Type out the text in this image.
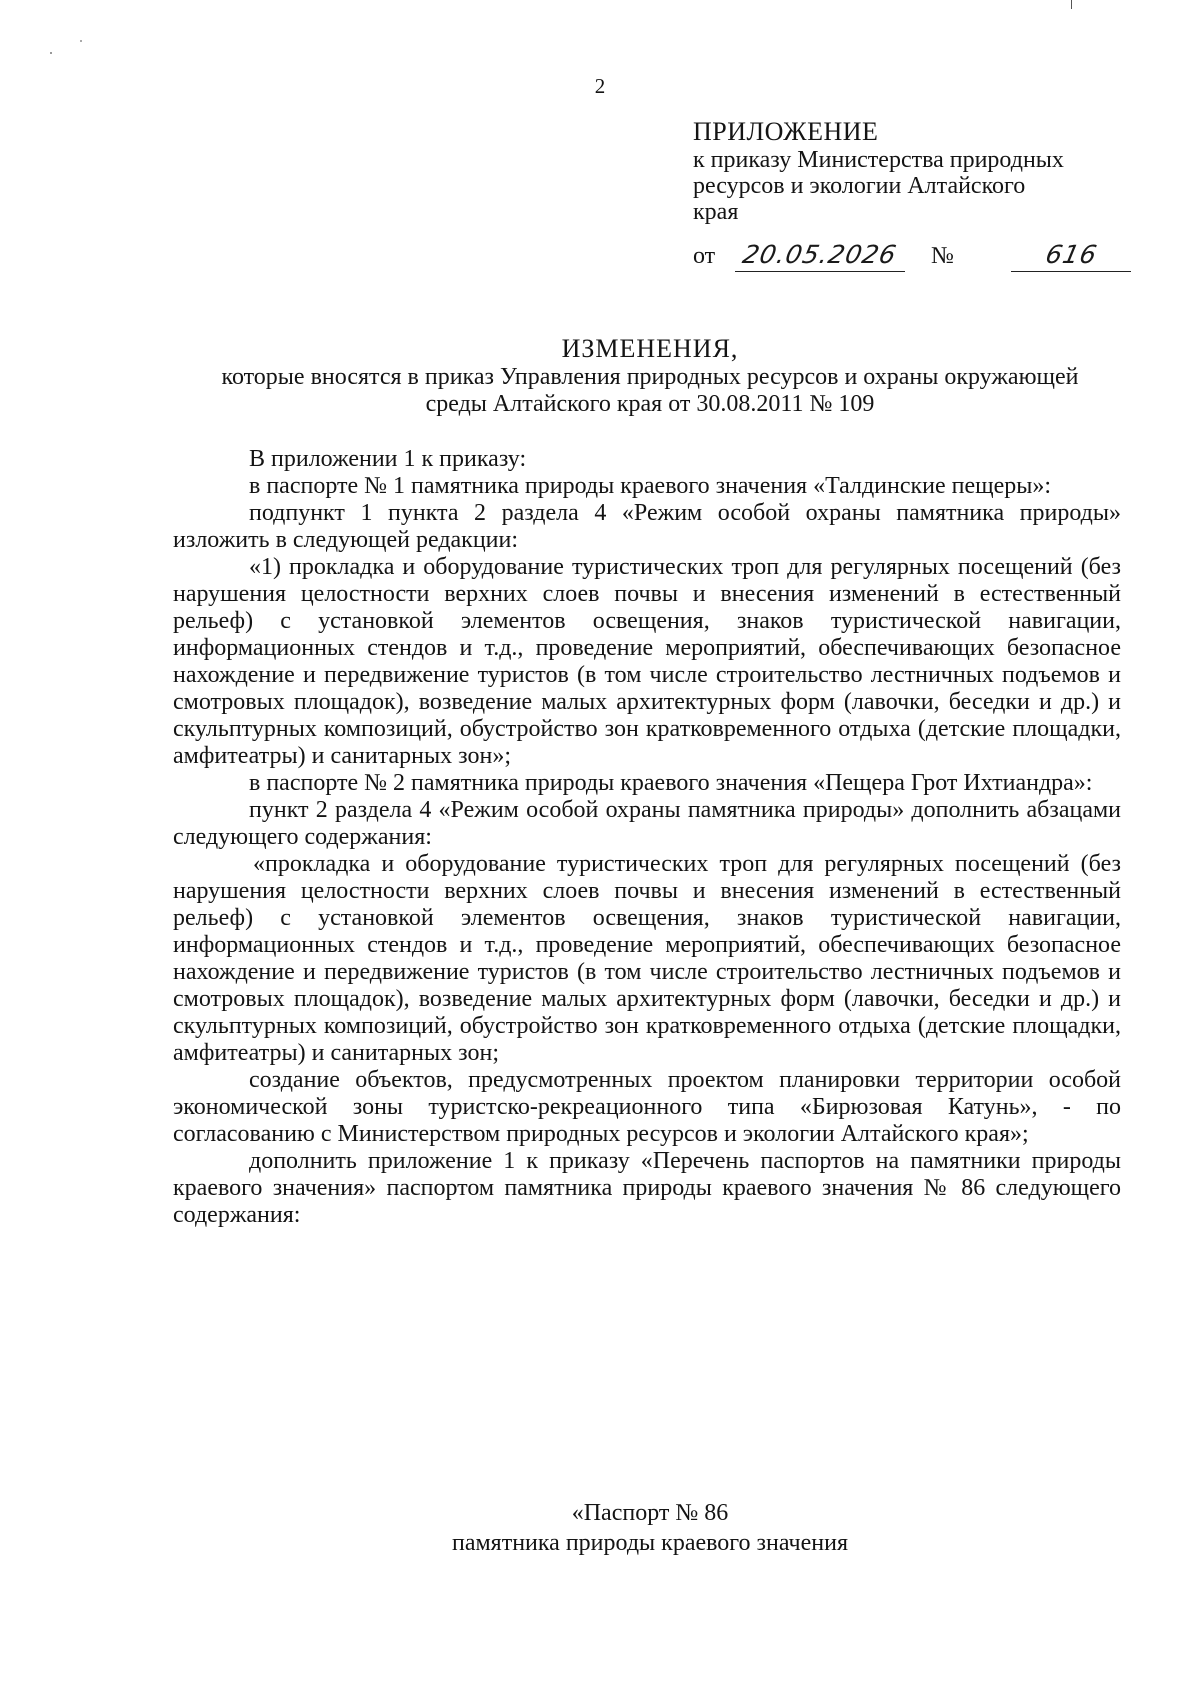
2
ПРИЛОЖЕНИЕ
к приказу Министерства природных
ресурсов и экологии Алтайского
края
от 20.05.2026 №	616
ИЗМЕНЕНИЯ,
которые вносятся в приказ Управления природных ресурсов и охраны окружающей
среды Алтайского края от 30.08.2011 № 109

В приложении 1 к приказу:

в паспорте № 1 памятника природы краевого значения «Талдинские пещеры»:

подпункт 1 пункта 2 раздела 4 «Режим особой охраны памятника природы» изложить в следующей редакции:

«1) прокладка и оборудование туристических троп для регулярных посещений (без нарушения целостности верхних слоев почвы и внесения изменений в естественный рельеф) с установкой элементов освещения, знаков туристической навигации, информационных стендов и т.д., проведение мероприятий, обеспечивающих безопасное нахождение и передвижение туристов (в том числе строительство лестничных подъемов и смотровых площадок), возведение малых архитектурных форм (лавочки, беседки и др.) и скульптурных композиций, обустройство зон кратковременного отдыха (детские площадки, амфитеатры) и санитарных зон»;

в паспорте № 2 памятника природы краевого значения «Пещера Грот Ихтиандра»:

пункт 2 раздела 4 «Режим особой охраны памятника природы» дополнить абзацами следующего содержания:

«прокладка и оборудование туристических троп для регулярных посещений (без нарушения целостности верхних слоев почвы и внесения изменений в естественный рельеф) с установкой элементов освещения, знаков туристической навигации, информационных стендов и т.д., проведение мероприятий, обеспечивающих безопасное нахождение и передвижение туристов (в том числе строительство лестничных подъемов и смотровых площадок), возведение малых архитектурных форм (лавочки, беседки и др.) и скульптурных композиций, обустройство зон кратковременного отдыха (детские площадки, амфитеатры) и санитарных зон;

создание объектов, предусмотренных проектом планировки территории особой экономической зоны туристско-рекреационного типа «Бирюзовая Катунь», - по согласованию с Министерством природных ресурсов и экологии Алтайского края»;

дополнить приложение 1 к приказу «Перечень паспортов на памятники природы краевого значения» паспортом памятника природы краевого значения № 86 следующего содержания:

«Паспорт № 86
памятника природы краевого значения
